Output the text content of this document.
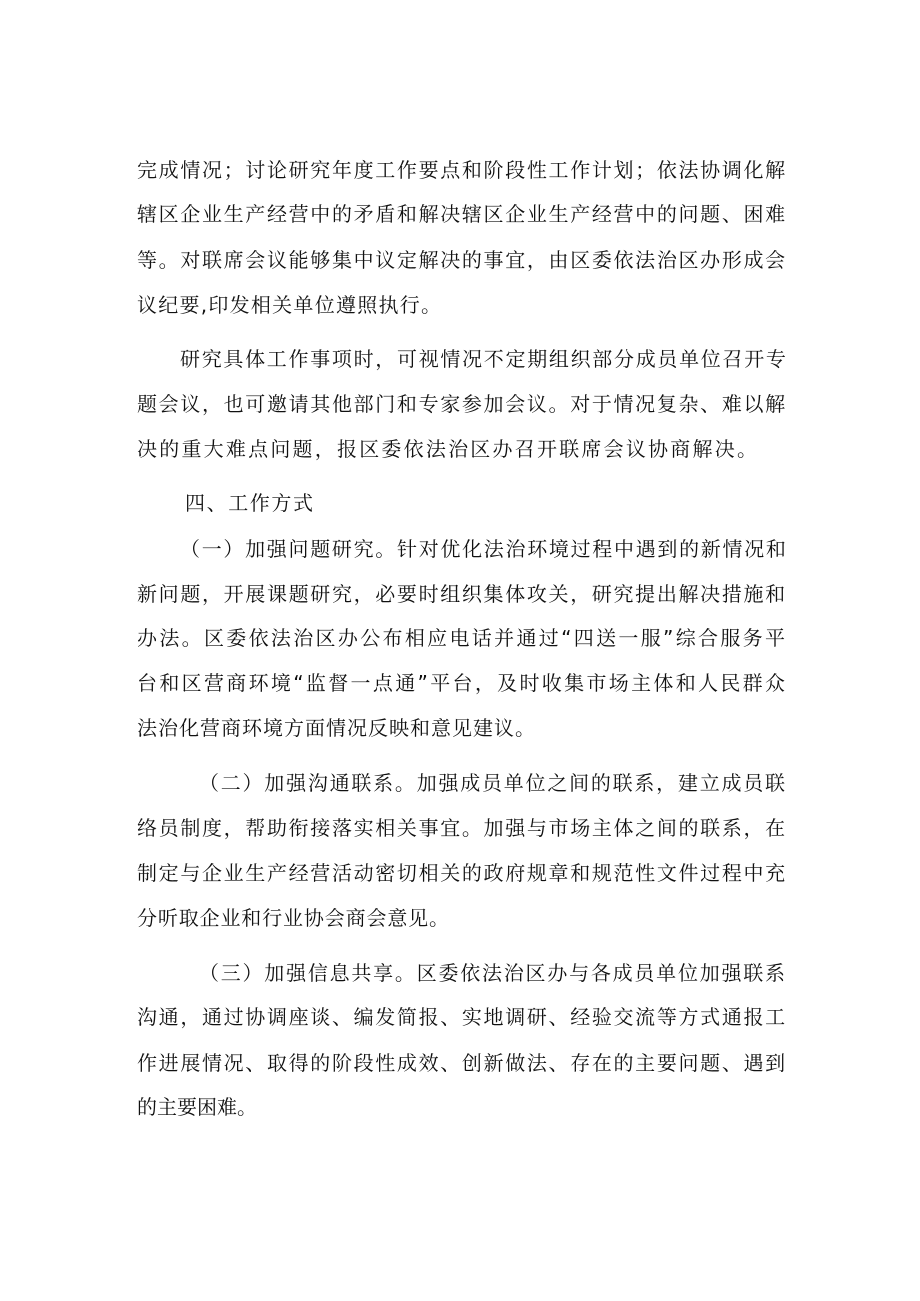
完成情况；讨论研究年度工作要点和阶段性工作计划；依法协调化解
辖区企业生产经营中的矛盾和解决辖区企业生产经营中的问题、困难
等。对联席会议能够集中议定解决的事宜，由区委依法治区办形成会
议纪要,印发相关单位遵照执行。
研究具体工作事项时，可视情况不定期组织部分成员单位召开专
题会议，也可邀请其他部门和专家参加会议。对于情况复杂、难以解
决的重大难点问题，报区委依法治区办召开联席会议协商解决。
四、工作方式
（一）加强问题研究。针对优化法治环境过程中遇到的新情况和
新问题，开展课题研究，必要时组织集体攻关，研究提出解决措施和
办法。区委依法治区办公布相应电话并通过“四送一服”综合服务平
台和区营商环境“监督一点通”平台，及时收集市场主体和人民群众
法治化营商环境方面情况反映和意见建议。
（二）加强沟通联系。加强成员单位之间的联系，建立成员联
络员制度，帮助衔接落实相关事宜。加强与市场主体之间的联系，在
制定与企业生产经营活动密切相关的政府规章和规范性文件过程中充
分听取企业和行业协会商会意见。
（三）加强信息共享。区委依法治区办与各成员单位加强联系
沟通，通过协调座谈、编发简报、实地调研、经验交流等方式通报工
作进展情况、取得的阶段性成效、创新做法、存在的主要问题、遇到
的主要困难。
